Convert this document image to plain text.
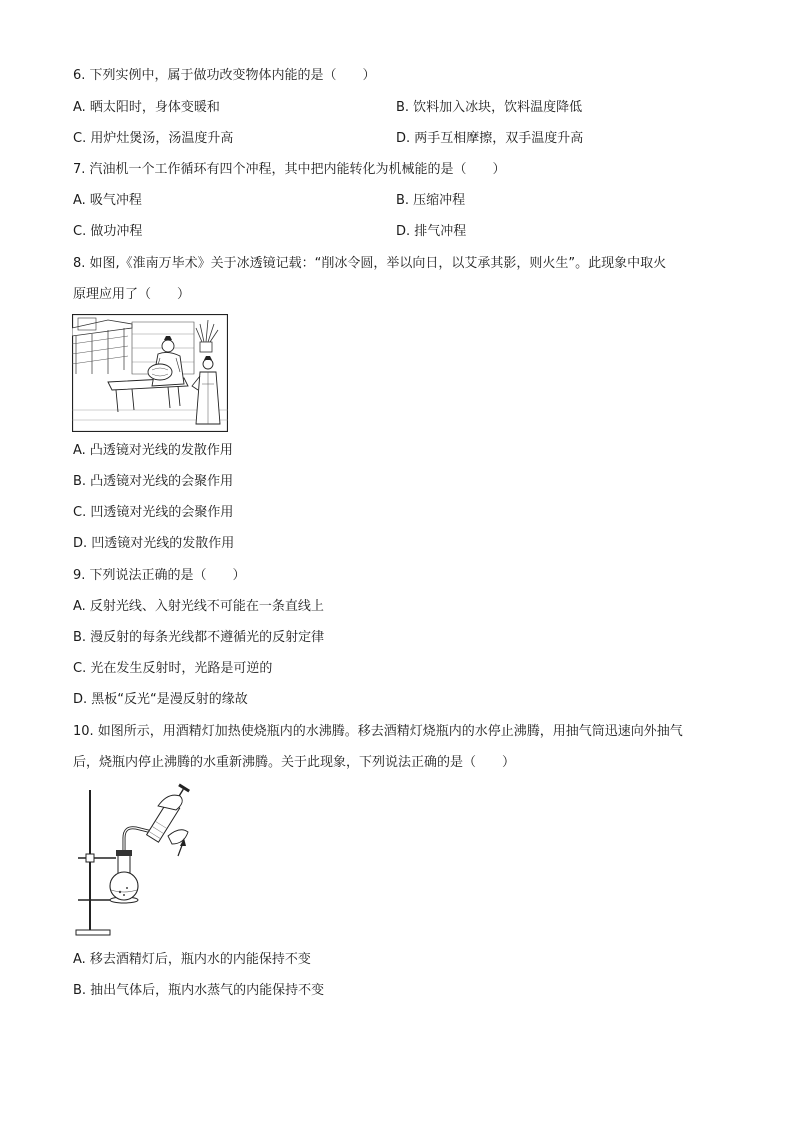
6. 下列实例中，属于做功改变物体内能的是（　　）
A. 晒太阳时，身体变暖和	B. 饮料加入冰块，饮料温度降低
C. 用炉灶煲汤，汤温度升高	D. 两手互相摩擦，双手温度升高
7. 汽油机一个工作循环有四个冲程，其中把内能转化为机械能的是（　　）
A. 吸气冲程	B. 压缩冲程
C. 做功冲程	D. 排气冲程
8. 如图,《淮南万毕术》关于冰透镜记载：“削冰令圆，举以向日，以艾承其影，则火生”。此现象中取火
原理应用了（　　）
A. 凸透镜对光线的发散作用
B. 凸透镜对光线的会聚作用
C. 凹透镜对光线的会聚作用
D. 凹透镜对光线的发散作用
9. 下列说法正确的是（　　）
A. 反射光线、入射光线不可能在一条直线上
B. 漫反射的每条光线都不遵循光的反射定律
C. 光在发生反射时，光路是可逆的
D. 黑板“反光“是漫反射的缘故
10. 如图所示，用酒精灯加热使烧瓶内的水沸腾。移去酒精灯烧瓶内的水停止沸腾，用抽气筒迅速向外抽气
后，烧瓶内停止沸腾的水重新沸腾。关于此现象，下列说法正确的是（　　）
A. 移去酒精灯后，瓶内水的内能保持不变
B. 抽出气体后，瓶内水蒸气的内能保持不变
